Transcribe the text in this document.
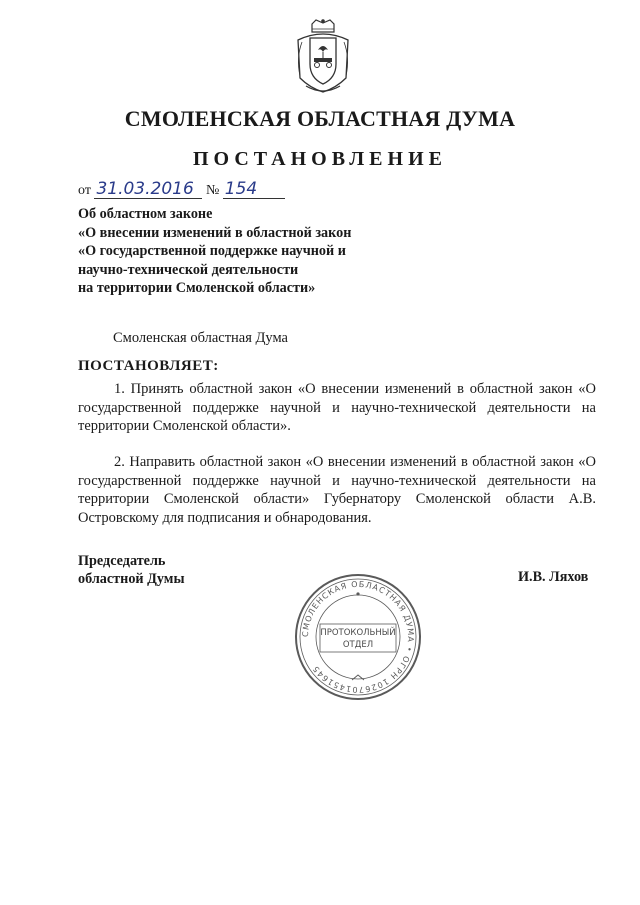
СМОЛЕНСКАЯ ОБЛАСТНАЯ ДУМА
ПОСТАНОВЛЕНИЕ
от 31.03.2016 № 154
Об областном законе
«О внесении изменений в областной закон
«О государственной поддержке научной и
научно-технической деятельности
на территории Смоленской области»
Смоленская областная Дума
ПОСТАНОВЛЯЕТ:
1. Принять областной закон «О внесении изменений в областной закон «О государственной поддержке научной и научно-технической деятельности на территории Смоленской области».
2. Направить областной закон «О внесении изменений в областной закон «О государственной поддержке научной и научно-технической деятельности на территории Смоленской области» Губернатору Смоленской области А.В. Островскому для подписания и обнародования.
Председатель
областной Думы	И.В. Ляхов
СМОЛЕНСКАЯ ОБЛАСТНАЯ ДУМА • ОГРН 1026701451645
ПРОТОКОЛЬНЫЙ
ОТДЕЛ
